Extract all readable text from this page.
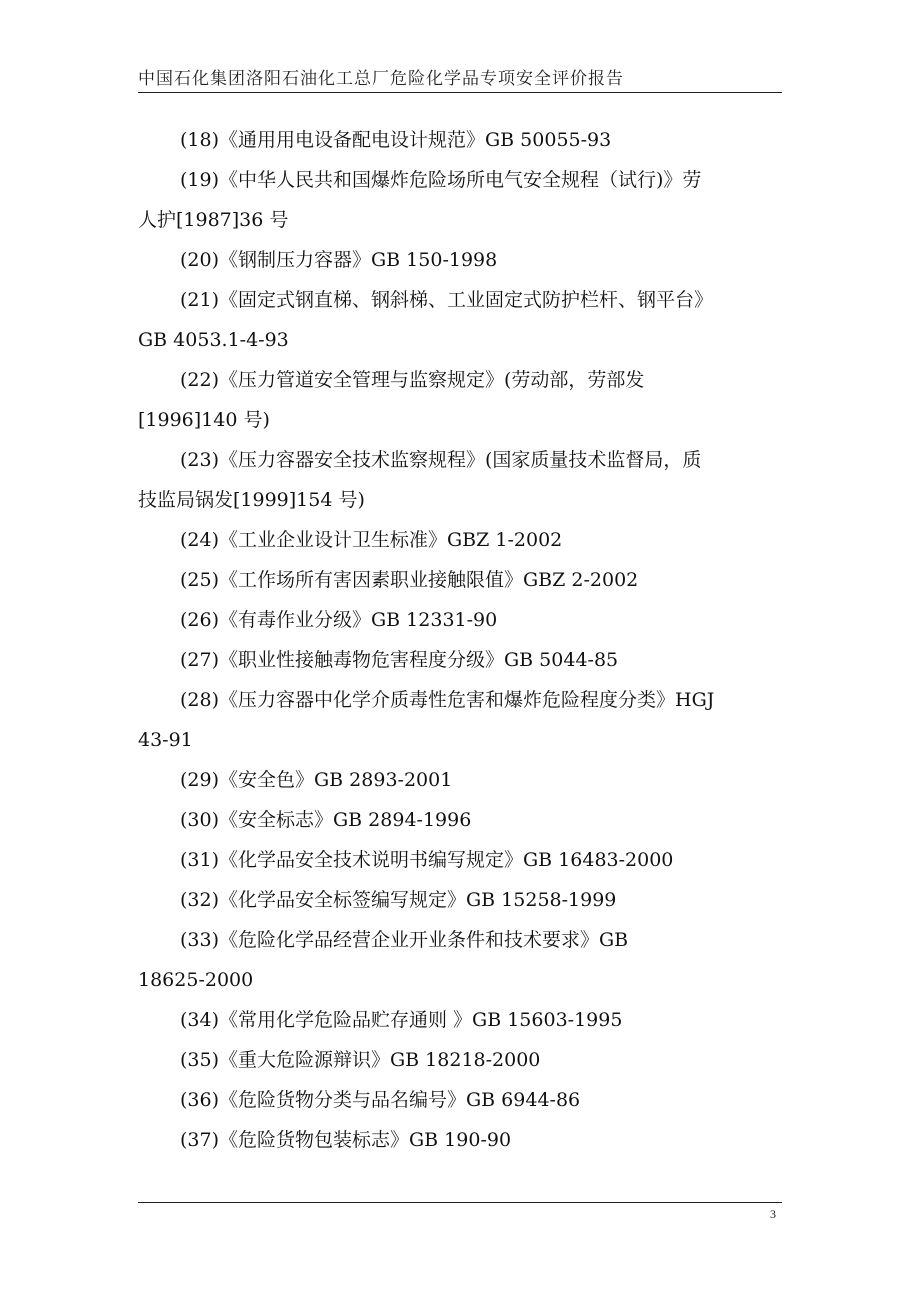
中国石化集团洛阳石油化工总厂危险化学品专项安全评价报告

(18)《通用用电设备配电设计规范》GB 50055-93

(19)《中华人民共和国爆炸危险场所电气安全规程（试行)》劳

人护[1987]36 号

(20)《钢制压力容器》GB 150-1998

(21)《固定式钢直梯、钢斜梯、工业固定式防护栏杆、钢平台》

GB 4053.1-4-93

(22)《压力管道安全管理与监察规定》(劳动部，劳部发

[1996]140 号)

(23)《压力容器安全技术监察规程》(国家质量技术监督局，质

技监局锅发[1999]154 号)

(24)《工业企业设计卫生标准》GBZ 1-2002

(25)《工作场所有害因素职业接触限值》GBZ 2-2002

(26)《有毒作业分级》GB 12331-90

(27)《职业性接触毒物危害程度分级》GB 5044-85

(28)《压力容器中化学介质毒性危害和爆炸危险程度分类》HGJ

43-91

(29)《安全色》GB 2893-2001

(30)《安全标志》GB 2894-1996

(31)《化学品安全技术说明书编写规定》GB 16483-2000

(32)《化学品安全标签编写规定》GB 15258-1999

(33)《危险化学品经营企业开业条件和技术要求》GB

18625-2000

(34)《常用化学危险品贮存通则 》GB 15603-1995

(35)《重大危险源辩识》GB 18218-2000

(36)《危险货物分类与品名编号》GB 6944-86

(37)《危险货物包装标志》GB 190-90

3
